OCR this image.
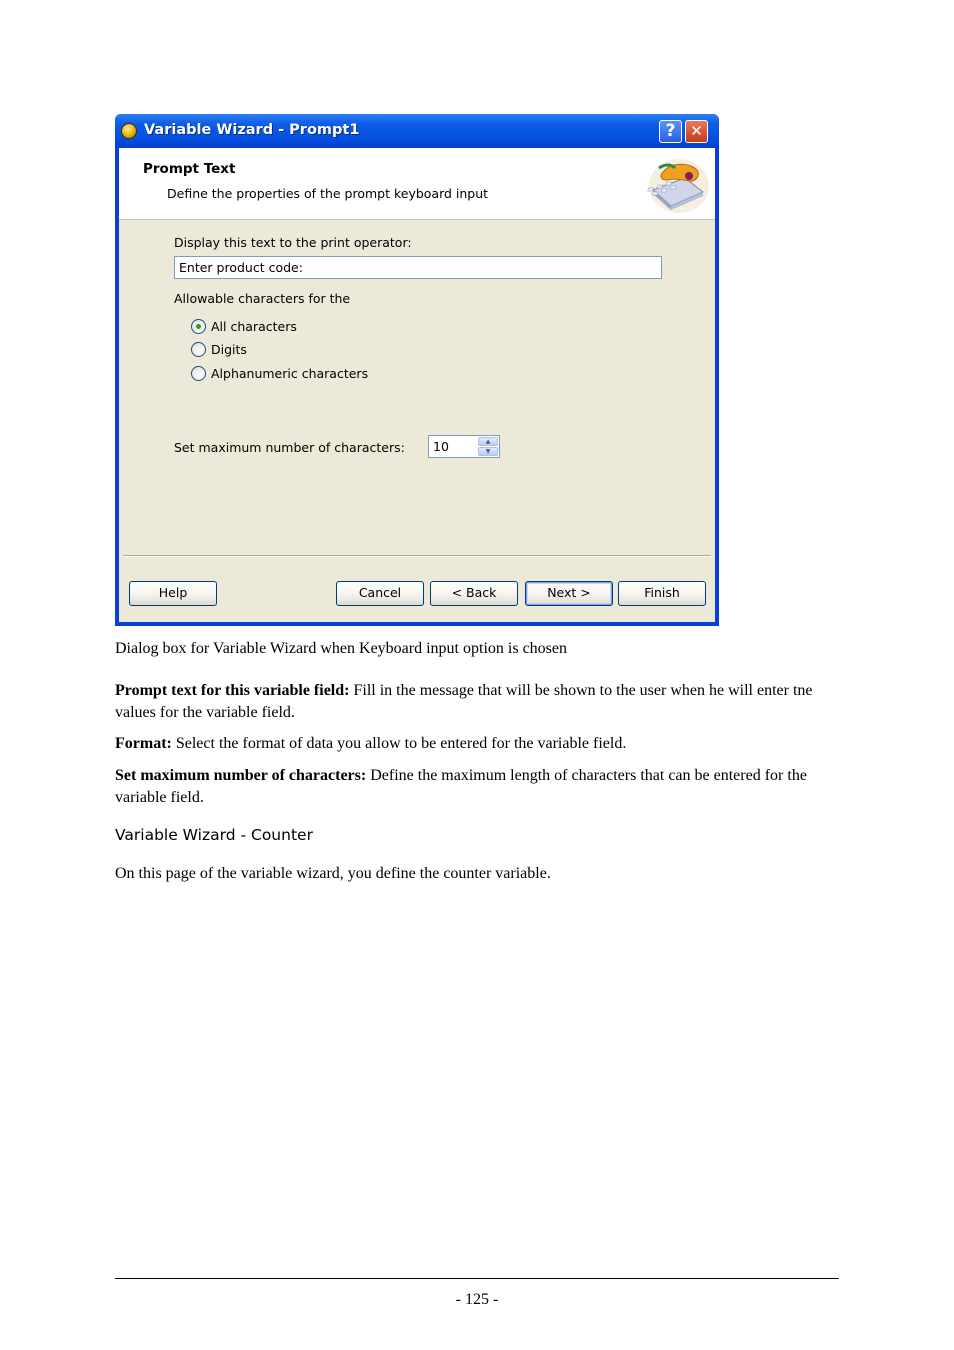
Variable Wizard - Prompt1	? ✕
Prompt Text
Define the properties of the prompt keyboard input
Display this text to the print operator:
Enter product code:
Allowable characters for the
All characters
Digits
Alphanumeric characters
Set maximum number of characters: 10	▲
▼
Help	Cancel	< Back	Next >	Finish
Dialog box for Variable Wizard when Keyboard input option is chosen
Prompt text for this variable field: Fill in the message that will be shown to the user when he will enter tne values for the variable field.
Format: Select the format of data you allow to be entered for the variable field.
Set maximum number of characters: Define the maximum length of characters that can be entered for the variable field.
Variable Wizard - Counter
On this page of the variable wizard, you define the counter variable.
- 125 -
